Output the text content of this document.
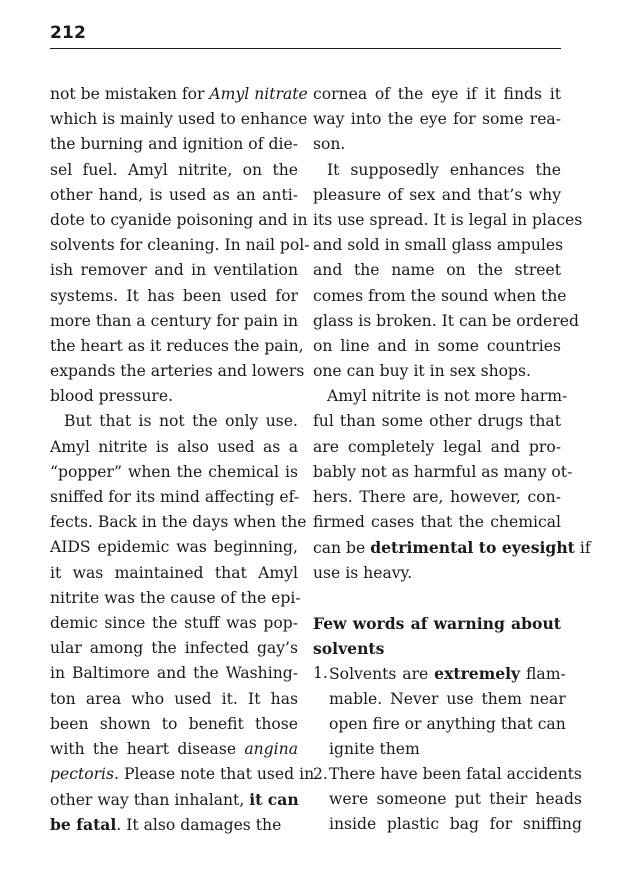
212
not be mistaken for Amyl nitrate
which is mainly used to enhance
the burning and ignition of die-
sel fuel. Amyl nitrite, on the
other hand, is used as an anti-
dote to cyanide poisoning and in
solvents for cleaning. In nail pol-
ish remover and in ventilation
systems. It has been used for
more than a century for pain in
the heart as it reduces the pain,
expands the arteries and lowers
blood pressure.
But that is not the only use.
Amyl nitrite is also used as a
“popper” when the chemical is
sniffed for its mind affecting ef-
fects. Back in the days when the
AIDS epidemic was beginning,
it was maintained that Amyl
nitrite was the cause of the epi-
demic since the stuff was pop-
ular among the infected gay’s
in Baltimore and the Washing-
ton area who used it. It has
been shown to benefit those
with the heart disease angina
pectoris. Please note that used in
other way than inhalant, it can
be fatal. It also damages the
cornea of the eye if it finds it
way into the eye for some rea-
son.
It supposedly enhances the
pleasure of sex and that’s why
its use spread. It is legal in places
and sold in small glass ampules
and the name on the street
comes from the sound when the
glass is broken. It can be ordered
on line and in some countries
one can buy it in sex shops.
Amyl nitrite is not more harm-
ful than some other drugs that
are completely legal and pro-
bably not as harmful as many ot-
hers. There are, however, con-
firmed cases that the chemical
can be detrimental to eyesight if
use is heavy.
Few words af warning about
solvents
1. Solvents are extremely flam-
mable. Never use them near
open fire or anything that can
ignite them
2. There have been fatal accidents
were someone put their heads
inside plastic bag for sniffing
